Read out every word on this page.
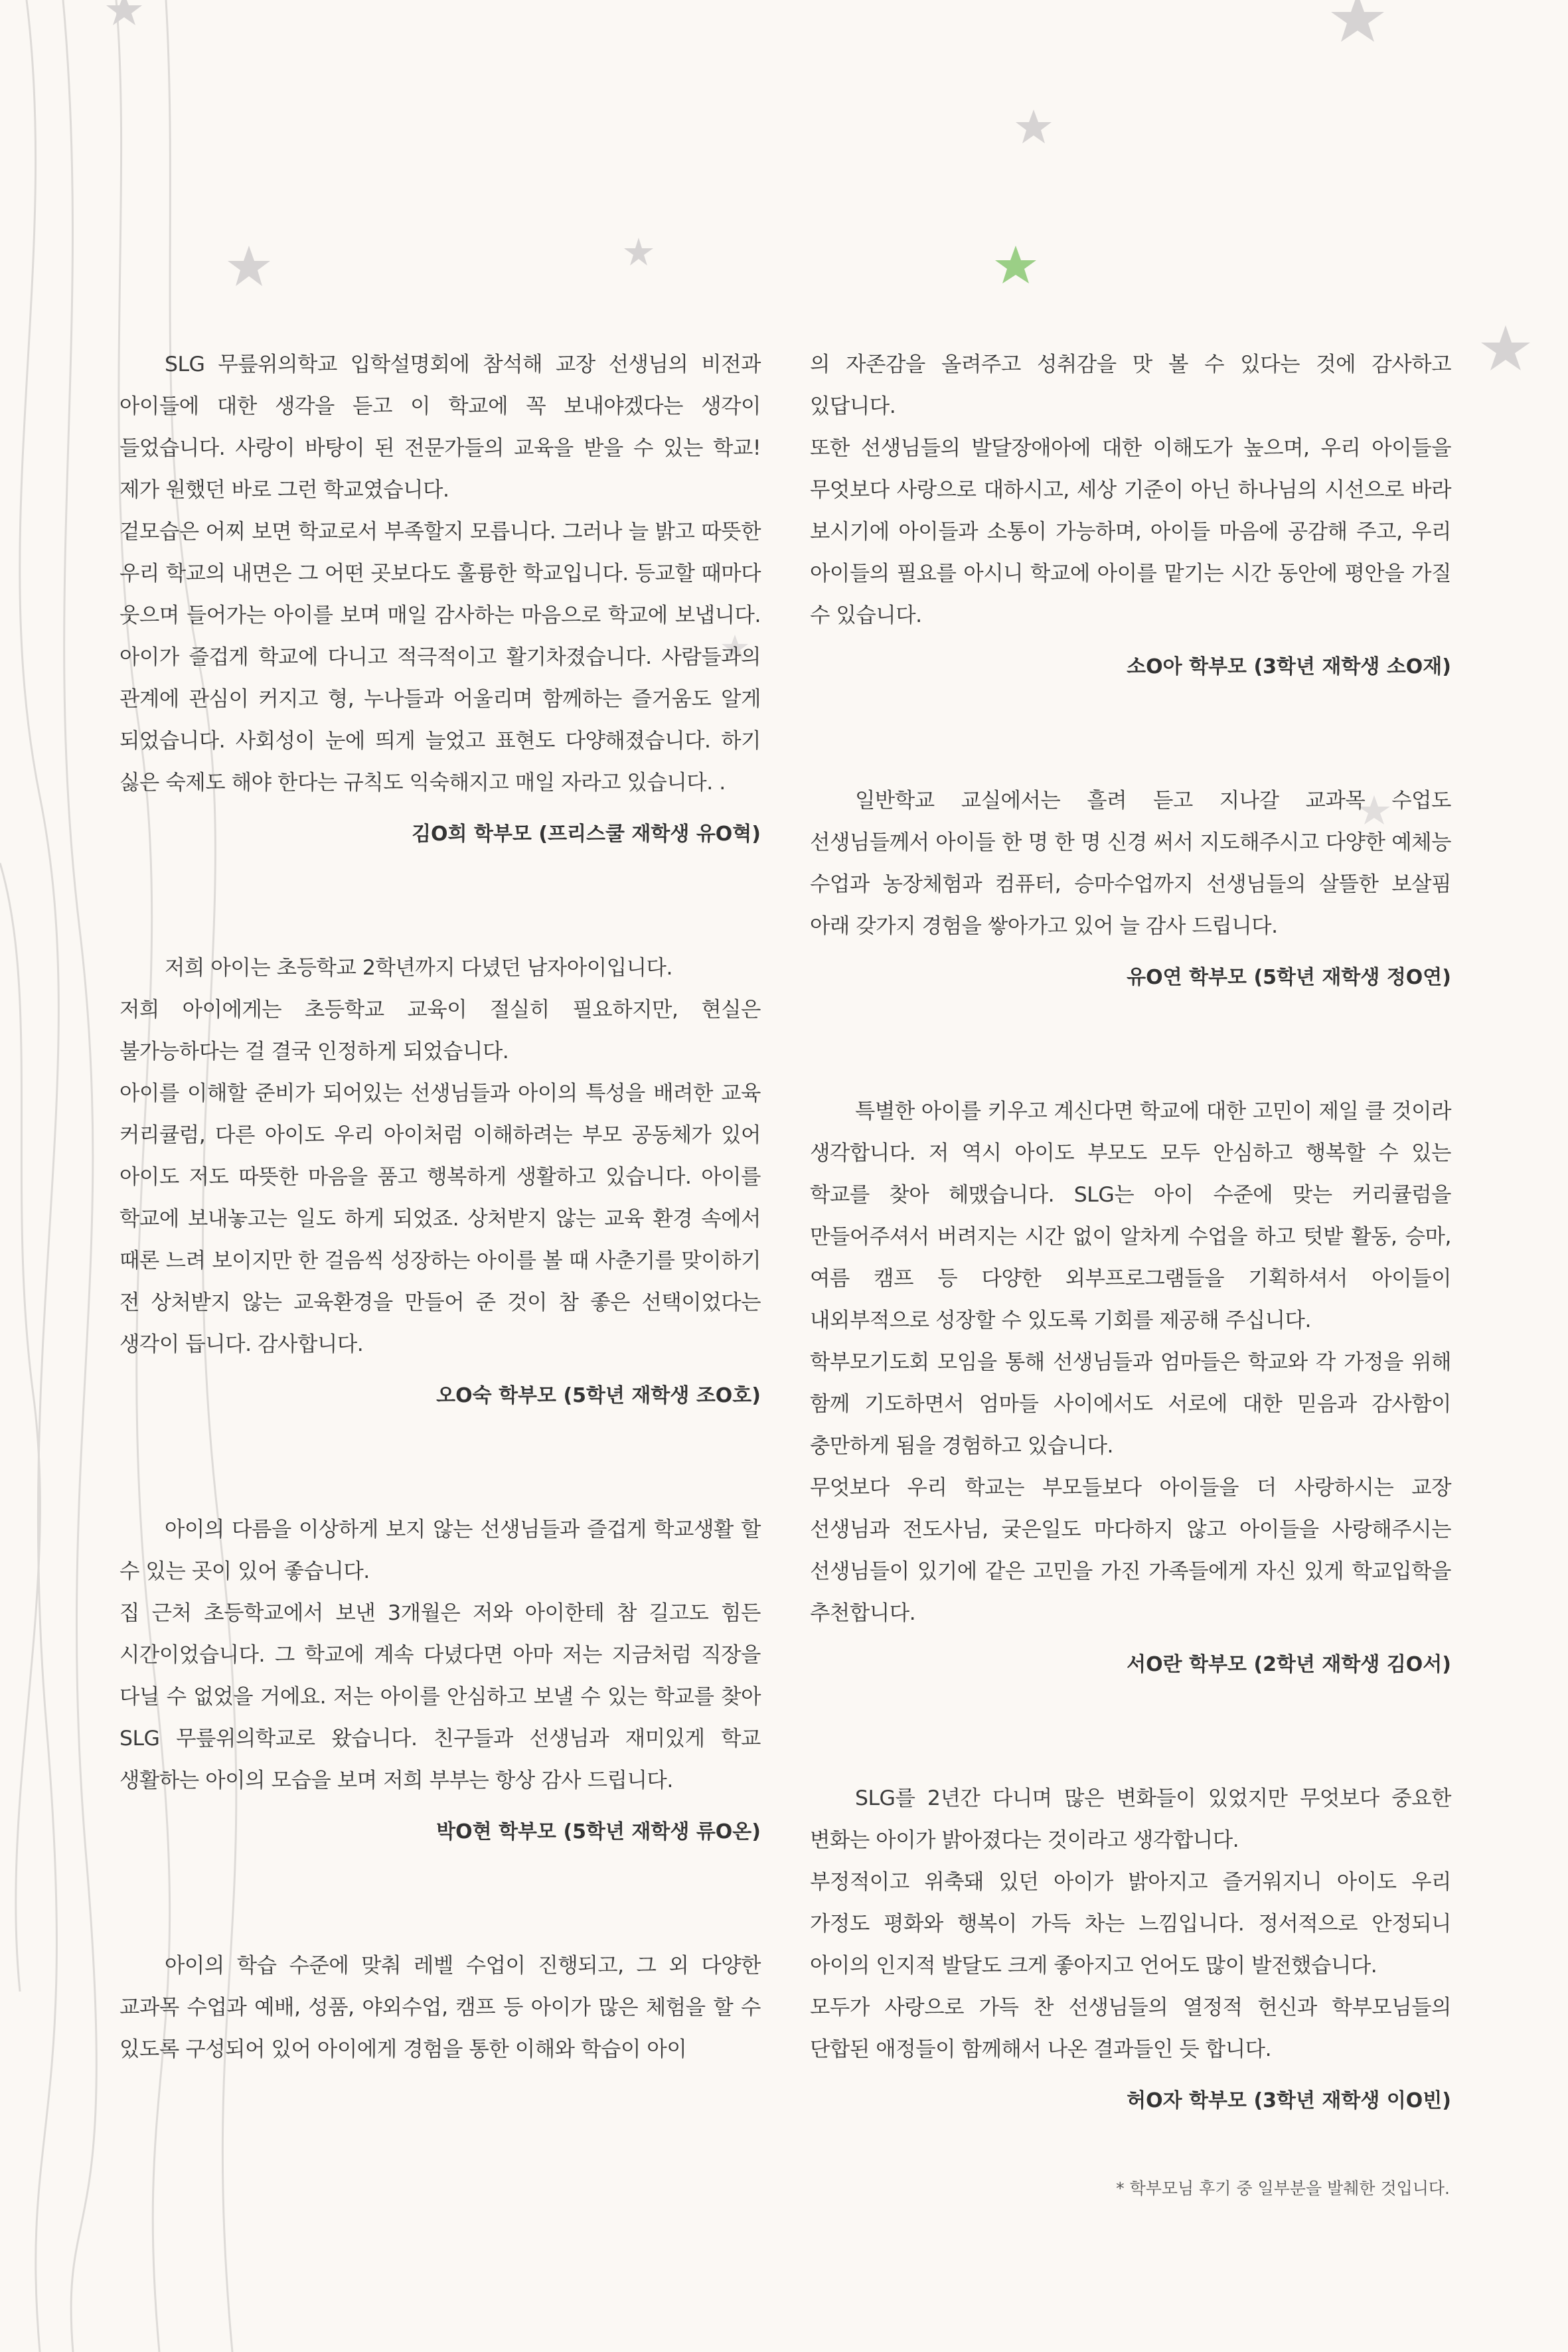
SLG 무릎위의학교 입학설명회에 참석해 교장 선생님의 비전과 아이들에 대한 생각을 듣고 이 학교에 꼭 보내야겠다는 생각이 들었습니다. 사랑이 바탕이 된 전문가들의 교육을 받을 수 있는 학교! 제가 원했던 바로 그런 학교였습니다.

겉모습은 어찌 보면 학교로서 부족할지 모릅니다. 그러나 늘 밝고 따뜻한 우리 학교의 내면은 그 어떤 곳보다도 훌륭한 학교입니다. 등교할 때마다 웃으며 들어가는 아이를 보며 매일 감사하는 마음으로 학교에 보냅니다. 아이가 즐겁게 학교에 다니고 적극적이고 활기차졌습니다. 사람들과의 관계에 관심이 커지고 형, 누나들과 어울리며 함께하는 즐거움도 알게 되었습니다. 사회성이 눈에 띄게 늘었고 표현도 다양해졌습니다. 하기 싫은 숙제도 해야 한다는 규칙도 익숙해지고 매일 자라고 있습니다. .

김O희 학부모 (프리스쿨 재학생 유O혁)

저희 아이는 초등학교 2학년까지 다녔던 남자아이입니다.

저희 아이에게는 초등학교 교육이 절실히 필요하지만, 현실은 불가능하다는 걸 결국 인정하게 되었습니다.

아이를 이해할 준비가 되어있는 선생님들과 아이의 특성을 배려한 교육 커리큘럼, 다른 아이도 우리 아이처럼 이해하려는 부모 공동체가 있어 아이도 저도 따뜻한 마음을 품고 행복하게 생활하고 있습니다. 아이를 학교에 보내놓고는 일도 하게 되었죠. 상처받지 않는 교육 환경 속에서 때론 느려 보이지만 한 걸음씩 성장하는 아이를 볼 때 사춘기를 맞이하기 전 상처받지 않는 교육환경을 만들어 준 것이 참 좋은 선택이었다는 생각이 듭니다. 감사합니다.

오O숙 학부모 (5학년 재학생 조O호)

아이의 다름을 이상하게 보지 않는 선생님들과 즐겁게 학교생활 할 수 있는 곳이 있어 좋습니다.

집 근처 초등학교에서 보낸 3개월은 저와 아이한테 참 길고도 힘든 시간이었습니다. 그 학교에 계속 다녔다면 아마 저는 지금처럼 직장을 다닐 수 없었을 거에요. 저는 아이를 안심하고 보낼 수 있는 학교를 찾아 SLG 무릎위의학교로 왔습니다. 친구들과 선생님과 재미있게 학교 생활하는 아이의 모습을 보며 저희 부부는 항상 감사 드립니다.

박O현 학부모 (5학년 재학생 류O온)

아이의 학습 수준에 맞춰 레벨 수업이 진행되고, 그 외 다양한 교과목 수업과 예배, 성품, 야외수업, 캠프 등 아이가 많은 체험을 할 수 있도록 구성되어 있어 아이에게 경험을 통한 이해와 학습이 아이

의 자존감을 올려주고 성취감을 맛 볼 수 있다는 것에 감사하고 있답니다.

또한 선생님들의 발달장애아에 대한 이해도가 높으며, 우리 아이들을 무엇보다 사랑으로 대하시고, 세상 기준이 아닌 하나님의 시선으로 바라 보시기에 아이들과 소통이 가능하며, 아이들 마음에 공감해 주고, 우리 아이들의 필요를 아시니 학교에 아이를 맡기는 시간 동안에 평안을 가질 수 있습니다.

소O아 학부모 (3학년 재학생 소O재)

일반학교 교실에서는 흘려 듣고 지나갈 교과목 수업도 선생님들께서 아이들 한 명 한 명 신경 써서 지도해주시고 다양한 예체능 수업과 농장체험과 컴퓨터, 승마수업까지 선생님들의 살뜰한 보살핌 아래 갖가지 경험을 쌓아가고 있어 늘 감사 드립니다.

유O연 학부모 (5학년 재학생 정O연)

특별한 아이를 키우고 계신다면 학교에 대한 고민이 제일 클 것이라 생각합니다. 저 역시 아이도 부모도 모두 안심하고 행복할 수 있는 학교를 찾아 헤맸습니다. SLG는 아이 수준에 맞는 커리큘럼을 만들어주셔서 버려지는 시간 없이 알차게 수업을 하고 텃밭 활동, 승마, 여름 캠프 등 다양한 외부프로그램들을 기획하셔서 아이들이 내외부적으로 성장할 수 있도록 기회를 제공해 주십니다.

학부모기도회 모임을 통해 선생님들과 엄마들은 학교와 각 가정을 위해 함께 기도하면서 엄마들 사이에서도 서로에 대한 믿음과 감사함이 충만하게 됨을 경험하고 있습니다.

무엇보다 우리 학교는 부모들보다 아이들을 더 사랑하시는 교장 선생님과 전도사님, 궂은일도 마다하지 않고 아이들을 사랑해주시는 선생님들이 있기에 같은 고민을 가진 가족들에게 자신 있게 학교입학을 추천합니다.

서O란 학부모 (2학년 재학생 김O서)

SLG를 2년간 다니며 많은 변화들이 있었지만 무엇보다 중요한 변화는 아이가 밝아졌다는 것이라고 생각합니다.

부정적이고 위축돼 있던 아이가 밝아지고 즐거워지니 아이도 우리 가정도 평화와 행복이 가득 차는 느낌입니다. 정서적으로 안정되니 아이의 인지적 발달도 크게 좋아지고 언어도 많이 발전했습니다.

모두가 사랑으로 가득 찬 선생님들의 열정적 헌신과 학부모님들의 단합된 애정들이 함께해서 나온 결과들인 듯 합니다.

허O자 학부모 (3학년 재학생 이O빈)

* 학부모님 후기 중 일부분을 발췌한 것입니다.
